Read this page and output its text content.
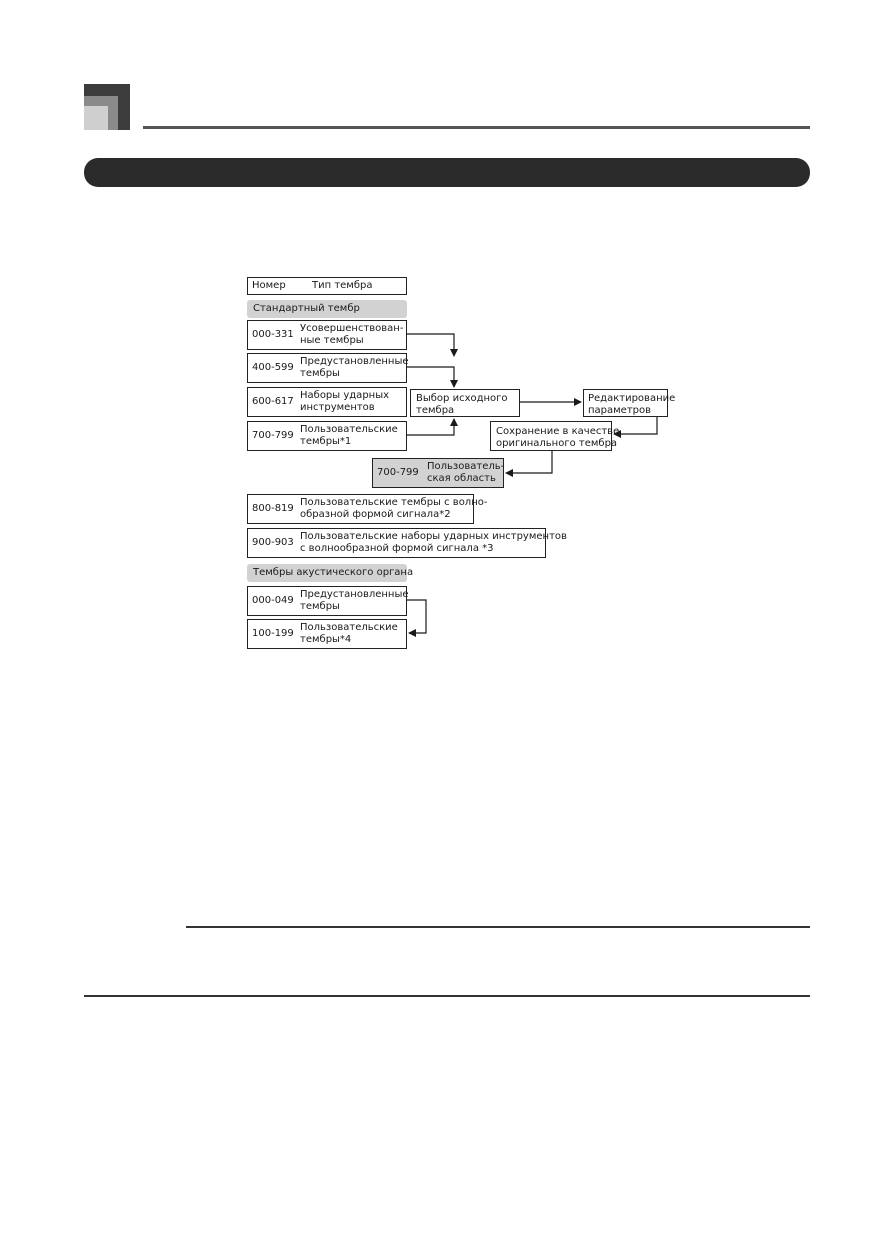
Номер	Тип тембра
Стандартный тембр
000-331
Усовершенствован-
ные тембры
400-599
Предустановленные
тембры
600-617
Наборы ударных
инструментов
700-799
Пользовательские
тембры*1
Выбор исходного
тембра
Редактирование
параметров
Сохранение в качестве
оригинального тембра
700-799
Пользователь-
ская область
800-819
Пользовательские тембры с волно-
образной формой сигнала*2
900-903
Пользовательские наборы ударных инструментов
с волнообразной формой сигнала *3
Тембры акустического органа
000-049
Предустановленные
тембры
100-199
Пользовательские
тембры*4
